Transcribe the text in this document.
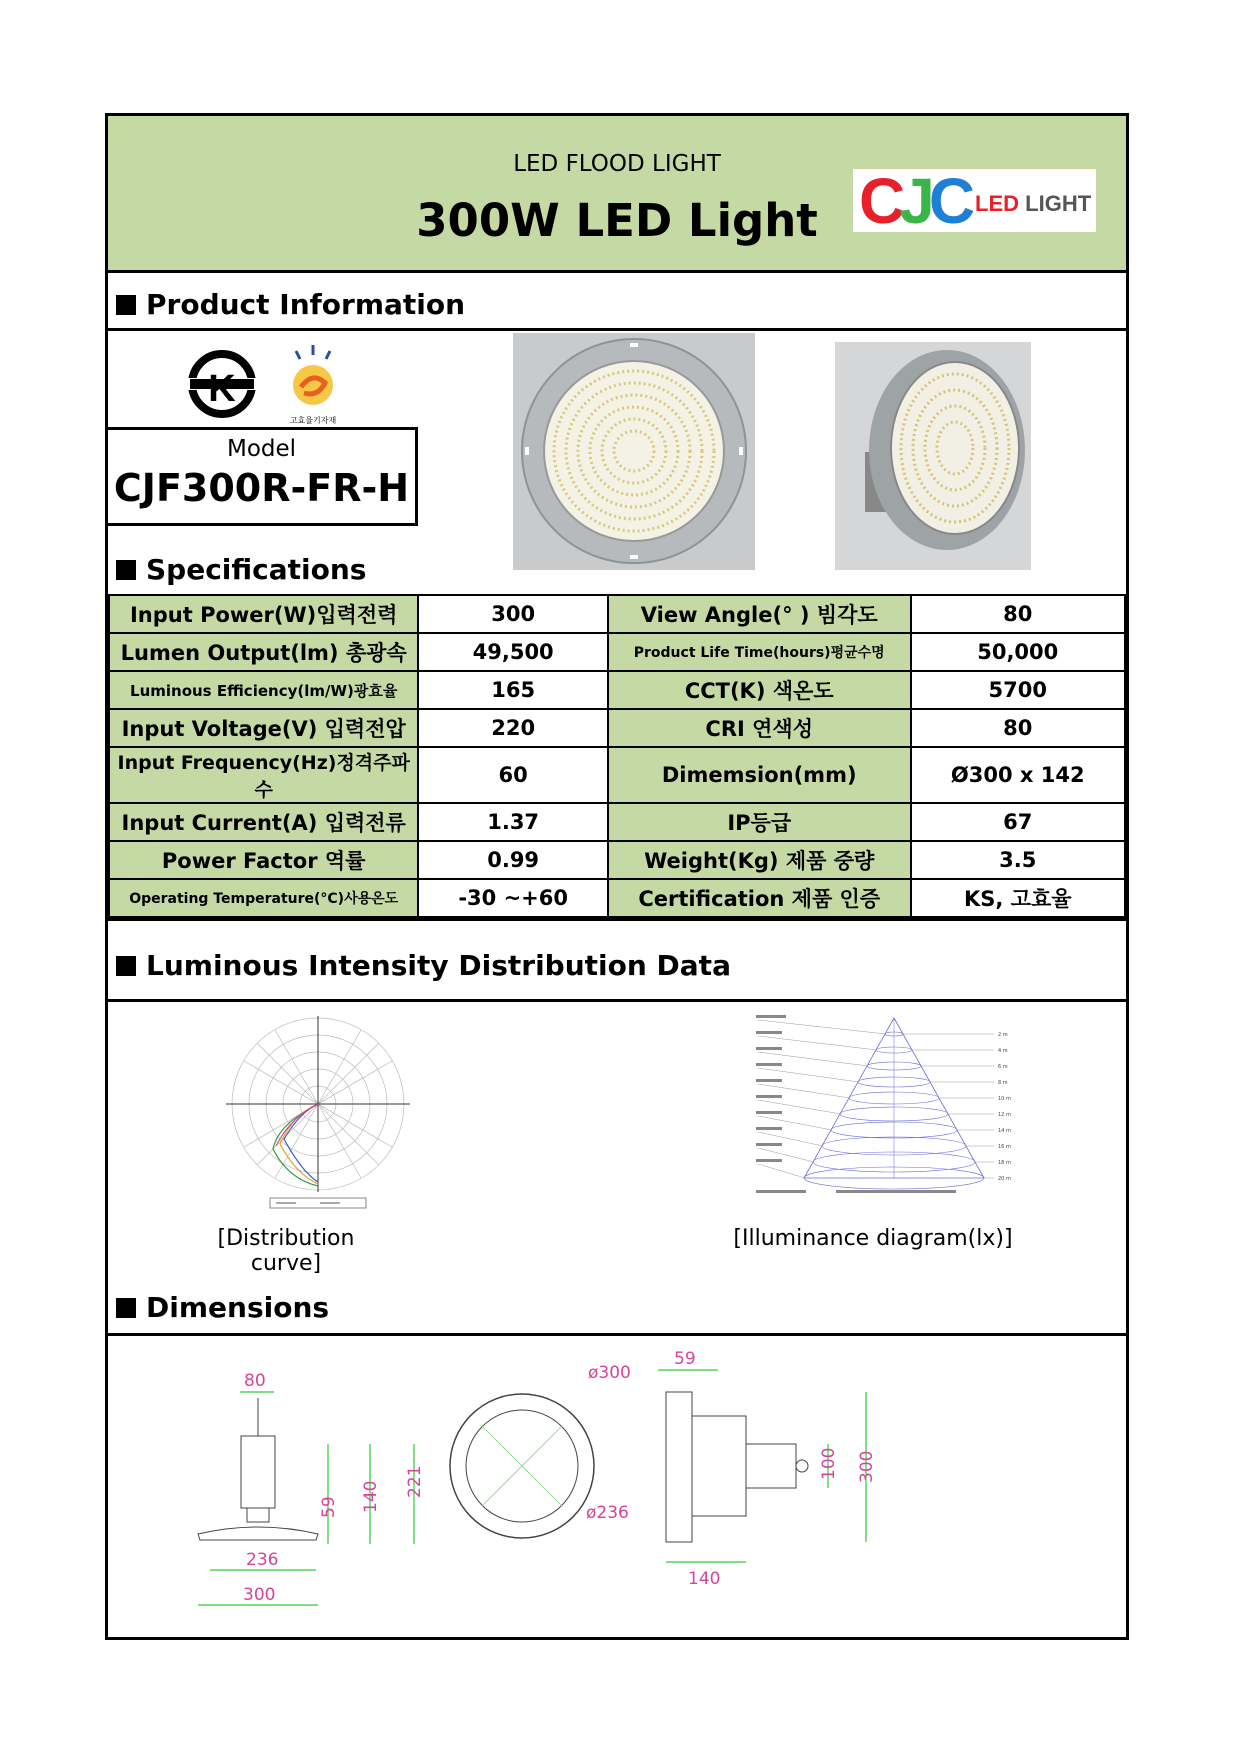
LED FLOOD LIGHT
300W LED Light CJC LED LIGHT
Product Information
K
고효율기자재
Model
CJF300R-FR-H
Specifications
Input Power(W)입력전력	300	View Angle(° ) 빔각도	80
Lumen Output(lm) 총광속	49,500	Product Life Time(hours)평균수명	50,000
Luminous Efficiency(lm/W)광효율	165	CCT(K) 색온도	5700
Input Voltage(V) 입력전압	220	CRI 연색성	80
Input Frequency(Hz)정격주파수	60	Dimemsion(mm)	Ø300 x 142
Input Current(A) 입력전류	1.37	IP등급	67
Power Factor 역률	0.99	Weight(Kg) 제품 중량	3.5
Operating Temperature(°C)사용온도	-30 ~+60	Certification 제품 인증	KS, 고효율
Luminous Intensity Distribution Data
[Distribution curve]
2 m
4 m
6 m
8 m
10 m
12 m
14 m
16 m
18 m
20 m
[Illuminance diagram(lx)]
Dimensions
80
59 140 221
236
300
ø300
ø236
59
100 300
140
